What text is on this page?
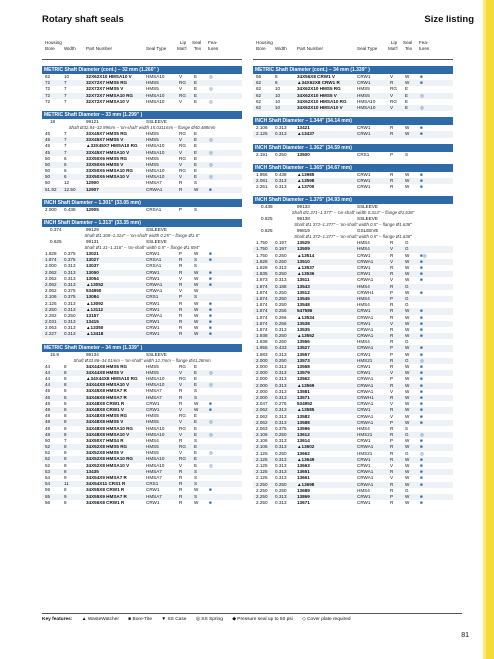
Rotary shaft seals	Size listing
Housing
Bore Width Part Number	Seal Type
Lip
Mat'l
Seal
Tex
Fea-
tures
METRIC Shaft Diameter (cont.) – 32 mm (1.260" )
62	10	32X62X10 HMSA10 V	HMSA10	V	E	◎
72	7	32X72X7 HMS5 RG	HMS5	RG E
72	7	32X72X7 HMS5 V	HMS5	V	E	◎
72	7	32X72X7 HMSA10 RG	HMSA10	RG E
72	7	32X72X7 HMSA10 V	HMSA10	V	E	◎
METRIC Shaft Diameter – 33 mm (1.299" )
18	99121	SSLEEVE
Shaft Ø32.84–32.99mm – 'on-shaft' width 15.0311mm – flange Ø40.488mm
45	7	33X45X7 HMS5 RG	HMS5	RG E
45	7	33X45X7 HMS5 V	HMS5	V	E	◎
45	7	▲33X45X7 HMSA10 RG HMSA10	RG E
45	7	33X45X7 HMSA10 V	HMSA10	V	E	◎
50	6	33X50X6 HMS5 RG	HMS5	RG E
50	6	33X50X6 HMS5 V	HMS5	V	E	◎
50	6	33X50X6 HMSA10 RG	HMSA10	RG E
50	6	33X50X6 HMSA10 V	HMSA10	V	E	◎
50	12	12900	HMSA7	R	S
51.92 12.50 12907	CRWA1	R	W ■
INCH Shaft Diameter – 1.301" (33.05 mm)
2.000 0.438 12905	CRSA1	P	S
INCH Shaft Diameter – 1.313" (33.35 mm)
0.374	99129	SSLEEVE
Shaft Ø1.308–1.314" – 'on-shaft' width 0.25" – flange Ø1.6"
0.625	99131	SSLEEVE
Shaft Ø1.31–1.316" – 'on-shaft' width 0.5" – flange Ø1.594"
1.828 0.375 13021	CRW1	P	W ■
1.874 0.375 13027	CRSA1	R	S	■
2.000 0.313 13037	CRSA1	R	S
2.062 0.313 13050	CRW1	R	W ■
2.062 0.313 13054	CRW1	V	W ■
2.062 0.313 ▲13052	CRWA1	R	W ■
2.062 0.375 534950	CRWA1	V	W
2.106 0.375 13084	CRS1	P	S
2.125 0.313 ▲13092	CRW1	R	W ■
2.250 0.313 ▲13112	CRW1	R	W ■
2.282 0.250 13157	CRWA1	R	W ■
2.031 0.313 13415	CRW1	R	W ■
2.063 0.313 ▲13350	CRW1	R	W ■
2.227 0.313 ▲13418	CRW1	R	W ■
METRIC Shaft Diameter – 34 mm (1.339" )
15.9	99134	SSLEEVE
Shaft Ø33.86–34.01mm – 'on-shaft' width 12.7mm – flange Ø41.28mm
44	8	34X44X8 HMS5 RG	HMS5	RG E
44	8	34X44X8 HMS5 V	HMS5	V	E	◎
44	8	▲34X44X8 HMSA10 RG HMSA10	RG E
44	8	34X44X8 HMSA10 V	HMSA10	V	E	◎
45	8	34X45X8 HMSA7 R	HMSA7	R	S
46	8	34X46X8 HMSA7 R	HMSA7	R	S
48	8	34X48X8 CRW1 R	CRW1	R	W ■
48	8	34X48X8 CRW1 V	CRW1	V	W ■
48	8	34X48X8 HMS5 RG	HMS5	RG E
48	8	34X48X8 HMS5 V	HMS5	V	E	◎
48	8	34X48X8 HMSA10 RG	HMSA10	RG E
48	8	34X48X8 HMSA10 V	HMSA10	V	E	◎
50	7	34X50X7 HMS4 R	HMS4	R	S
52	8	34X52X8 HMS5 RG	HMS5	RG E
52	8	34X52X8 HMS5 V	HMS5	V	E	◎
52	8	34X52X8 HMSA10 RG	HMSA10	RG E
52	8	34X52X8 HMSA10 V	HMSA10	V	E	◎
53	8	13435	HMSA7	R	S
54	9	34X54X9 HMSA7 R	HMSA7	R	S
54	11	34X54X11 CRS1 R	CRS1	R	S
55	8	34X55X8 CRW1 R	CRW1	R	W ■
55	9	34X55X9 HMSA7 R	HMSA7	R	S
56	8	34X56X8 CRW1 R	CRW1	R	W ■
Housing
Bore Width Part Number	Seal Type
Lip
Mat'l
Seal
Tex
Fea-
tures
METRIC Shaft Diameter (cont.) – 34 mm (1.339" )
56	8	34X56X8 CRW1 V	CRW1	V	W ■
62	8	▲34X62X8 CRW1 R	CRW1	R	W ■
62	10	34X62X10 HMS5 RG	HMS5	RG E
62	10	34X62X10 HMS5 V	HMS5	V	E	◎
62	10	34X62X10 HMSA10 RG HMSA10	RG E
62	10	34X62X10 HMSA10 V	HMSA10	V	E	◎
INCH Shaft Diameter – 1.344" (34.14 mm)
2.106 0.313 13421	CRW1	R	W ■
2.125 0.313 ▲13437	CRW1	R	W ■
INCH Shaft Diameter – 1.362" (34.59 mm)
2.191 0.250 13500	CRS1	P	S
INCH Shaft Diameter – 1.365" (34.67 mm)
1.956 0.438 ▲13985	CRW1	R	W ■
2.081 0.313 ▲13598	CRW1	R	W ■
2.261 0.313 ▲13700	CRW1	R	W ■
INCH Shaft Diameter – 1.375" (34.93 mm)
0.438	99133	SSLEEVE
Shaft Ø1.371–1.377" – 'on-shaft' width 0.313" – flange Ø1.638"
0.625	99138	SSLEEVE
Shaft Ø1.372–1.377" – 'on-shaft' width 0.5" – flange Ø1.638"
0.625	99819	GSLEEVE
Shaft Ø1.372–1.377" – 'on-shaft' width 0.5" – flange Ø1.638"
1.750 0.197 13529	HMS4	R	G
1.750 0.197 13509	HMS4	V	G
1.750 0.250 ▲13514	CRW1	R	W ■◎
1.828 0.250 13510	CRWA1	V	W ■
1.828 0.313 ▲13537	CRW1	R	W ■
1.835 0.250 ▲13536	CRW1	R	W ■
1.873 0.313 13511	CRWA1	V	W ■
1.874 0.188 13543	HMS4	R	G
1.874 0.250 13512	CRWH1	P	W ■
1.874 0.250 13545	HMS4	P	G
1.874 0.250 13548	HMS4	R	G
1.874 0.256 547586	CRW1	R	W ■
1.874 0.256 ▲13534	CRWA1	R	W ■
1.874 0.256 13538	CRW1	V	W ■
1.874 0.313 13535	CRWA1	R	W ■
1.938 0.250 ▲13552	CRWA1	R	W ■
1.938 0.250 13556	HMS4	R	G
1.955 0.433 13527	CRWA1	P	W ■
1.983 0.313 13557	CRW1	P	W ■
2.000 0.250 13573	HMS21	R	G ◎
2.000 0.313 13568	CRW1	R	W ■
2.000 0.313 13579	CRW1	V	W ■
2.000 0.313 13562	CRWA1	P	W ■
2.000 0.313 ▲13569	CRWA1	R	W ■
2.000 0.313 13581	CRWA1	V	W ■
2.000 0.313 13571	CRWH1	R	W ■
2.047 0.276 534952	CRWA1	V	W ■
2.062 0.313 ▲13585	CRW1	R	W ■
2.062 0.313 13582	CRWA1	V	W ■
2.062 0.313 13588	CRWA1	P	W ■
2.063 0.375 13596	HMS4	R	S
2.106 0.250 13612	HMS21	R	G ◎
2.106 0.313 13614	CRW1	P	W ■
2.106 0.313 ▲13602	CRWA1	R	W ■
2.125 0.250 13662	HMS21	R	G ◎
2.125 0.313 ▲13649	CRW1	R	W ■
2.125 0.313 13663	CRW1	V	W ■
2.125 0.313 13651	CRWA1	R	W ■
2.125 0.313 13661	CRWA1	V	W ■
2.250 0.250 ▲13698	CRWA1	R	W ■
2.250 0.250 13689	HMS4	R	G
2.250 0.313 13869	CRW1	P	W ■
2.250 0.313 13671	CRW1	R	W ■
Key features: ▲ WasteWatcher ■ Bore-Tite ▼ SS Case ◎ SS Spring ◆ Pressure seal up to 50 psi ◇ Cover plate required
81
